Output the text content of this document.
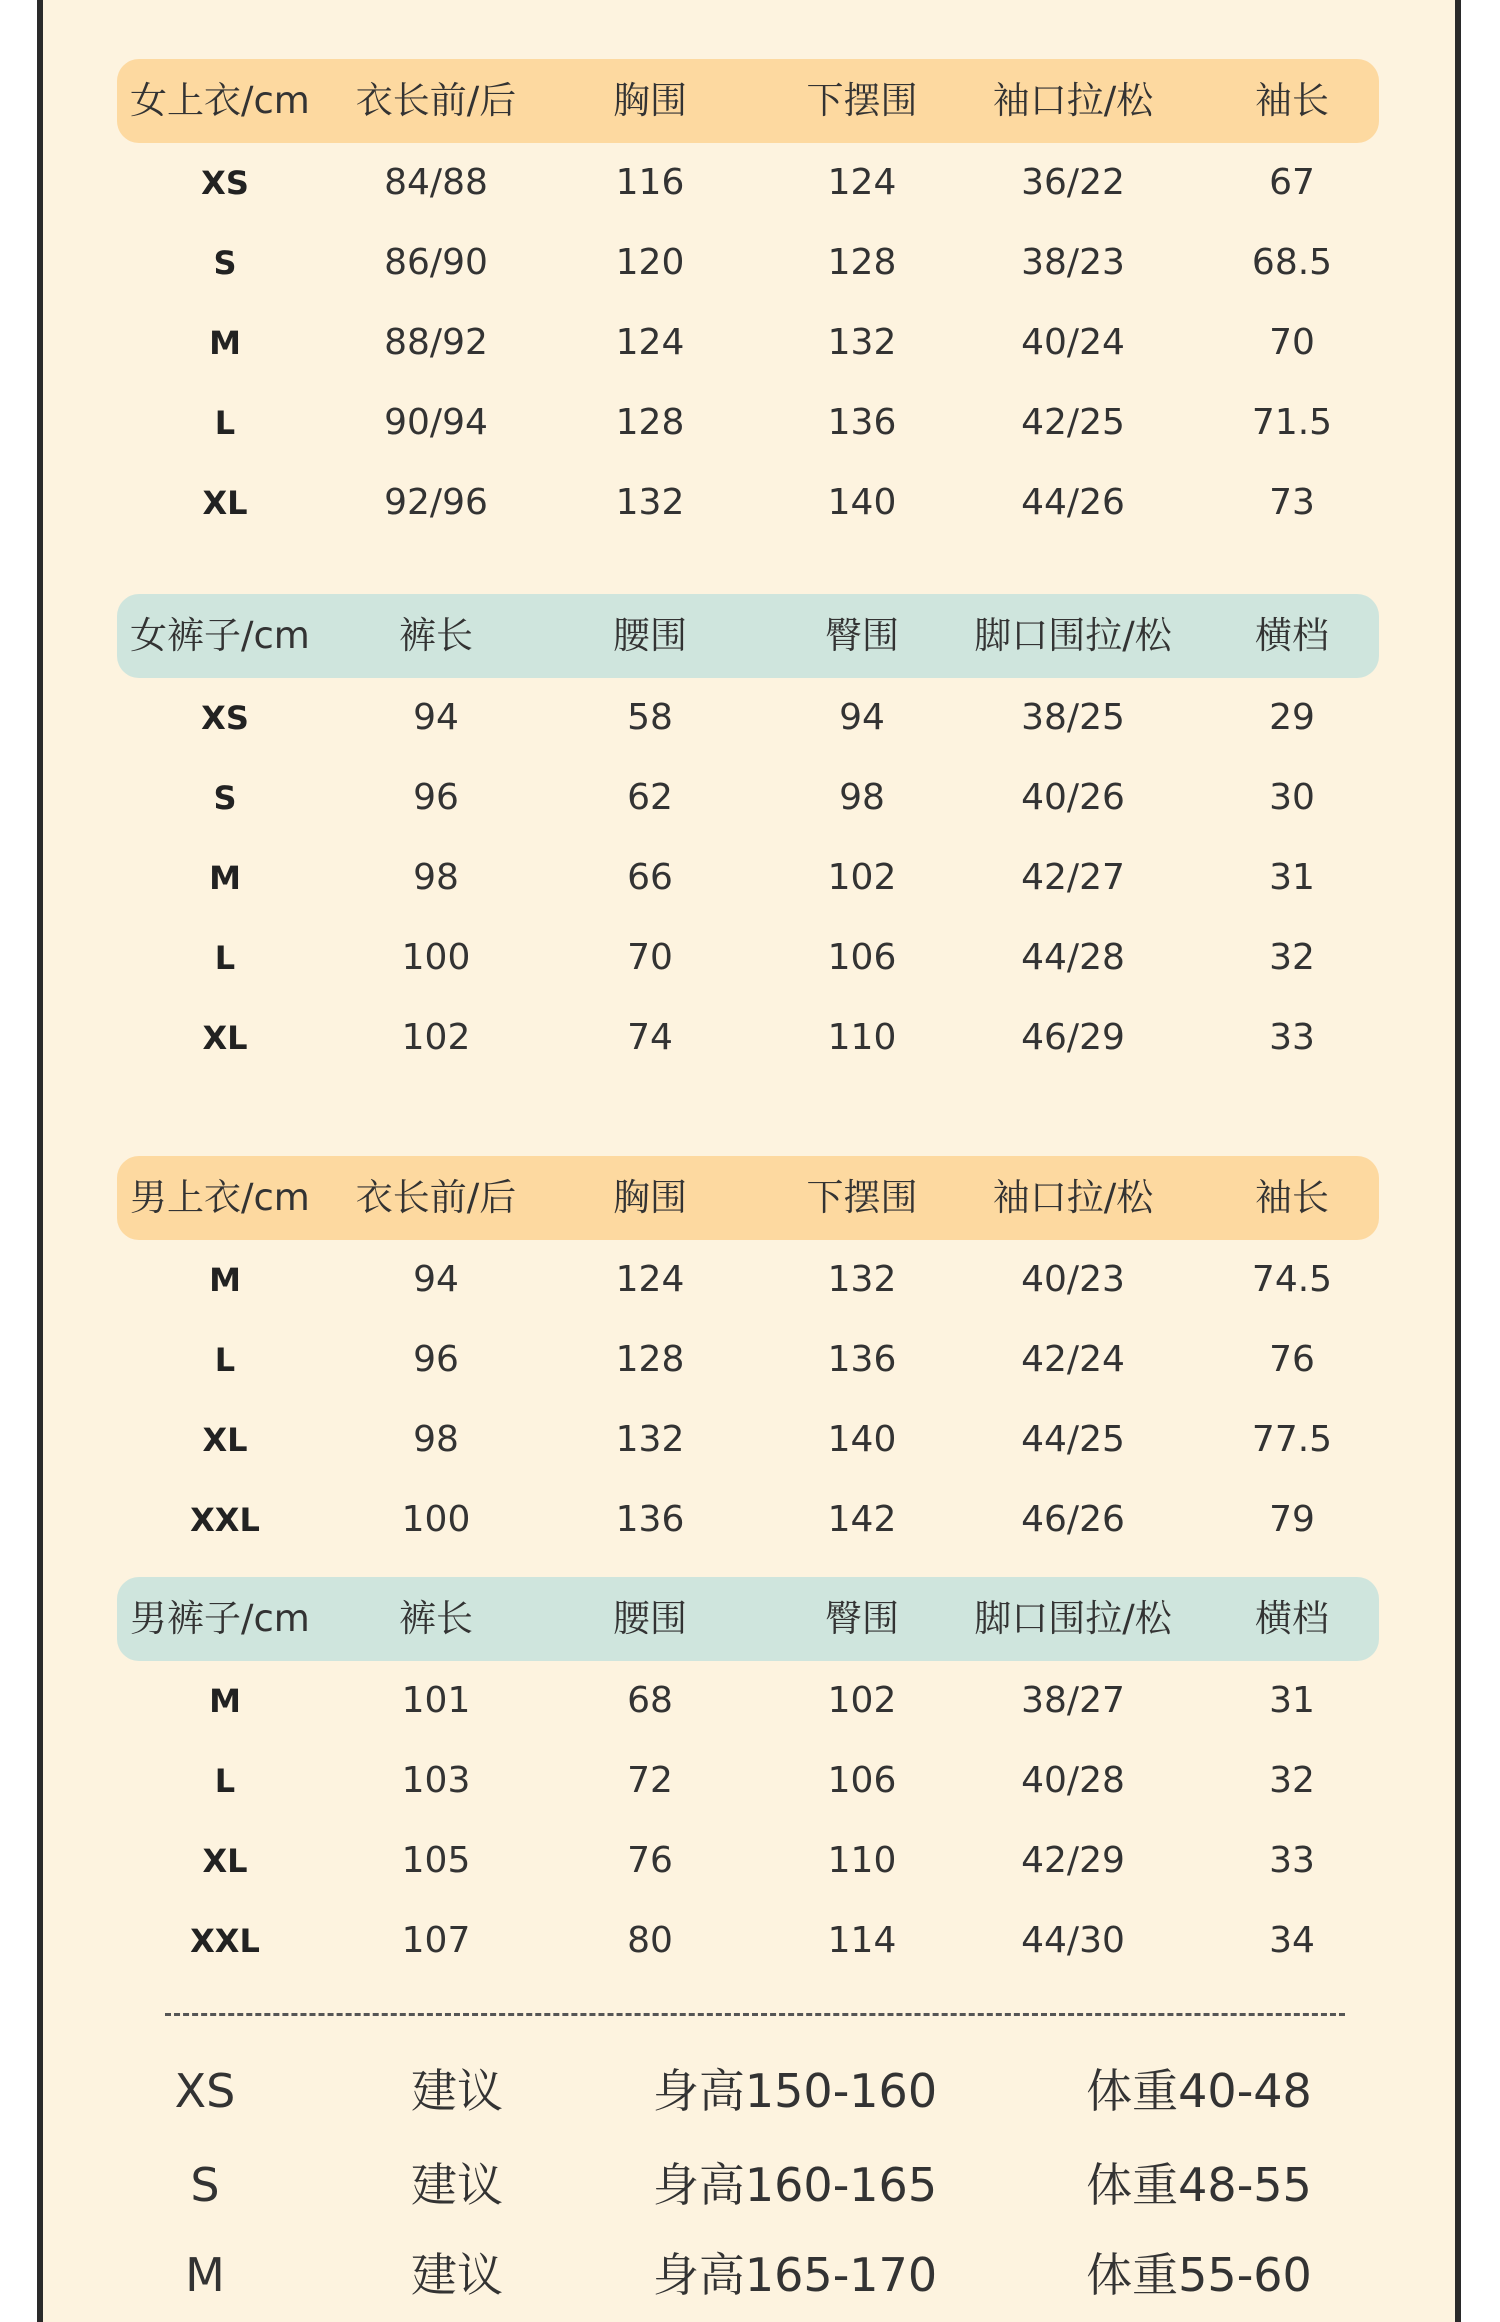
女上衣/cm	衣长前/后	胸围	下摆围	袖口拉/松	袖长
XS	84/88	116	124	36/22	67
S	86/90	120	128	38/23	68.5
M	88/92	124	132	40/24	70
L	90/94	128	136	42/25	71.5
XL	92/96	132	140	44/26	73
女裤子/cm	裤长	腰围	臀围	脚口围拉/松	横档
XS	94	58	94	38/25	29
S	96	62	98	40/26	30
M	98	66	102	42/27	31
L	100	70	106	44/28	32
XL	102	74	110	46/29	33
男上衣/cm	衣长前/后	胸围	下摆围	袖口拉/松	袖长
M	94	124	132	40/23	74.5
L	96	128	136	42/24	76
XL	98	132	140	44/25	77.5
XXL	100	136	142	46/26	79
男裤子/cm	裤长	腰围	臀围	脚口围拉/松	横档
M	101	68	102	38/27	31
L	103	72	106	40/28	32
XL	105	76	110	42/29	33
XXL	107	80	114	44/30	34
XS	建议	身高150-160	体重40-48
S	建议	身高160-165	体重48-55
M	建议	身高165-170	体重55-60
